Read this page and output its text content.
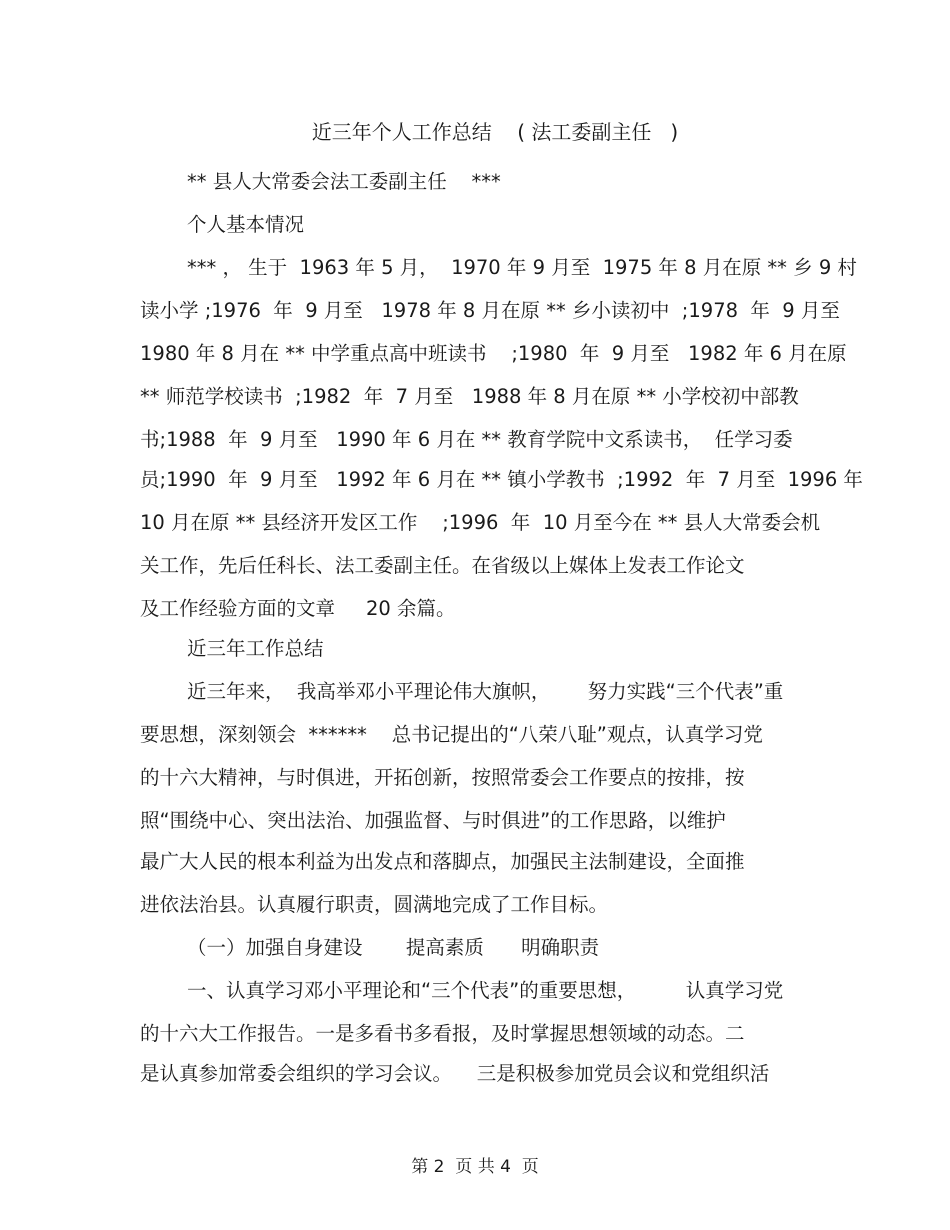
近三年个人工作总结    ( 法工委副主任   )
** 县人大常委会法工委副主任    ***
个人基本情况
*** ， 生于  1963 年 5 月，  1970 年 9 月至  1975 年 8 月在原 ** 乡 9 村
读小学 ;1976  年  9 月至   1978 年 8 月在原 ** 乡小读初中  ;1978  年  9 月至
1980 年 8 月在 ** 中学重点高中班读书    ;1980  年  9 月至   1982 年 6 月在原
** 师范学校读书  ;1982  年  7 月至   1988 年 8 月在原 ** 小学校初中部教
书;1988  年  9 月至   1990 年 6 月在 ** 教育学院中文系读书，  任学习委
员;1990  年  9 月至   1992 年 6 月在 ** 镇小学教书  ;1992  年  7 月至  1996 年
10 月在原 ** 县经济开发区工作    ;1996  年  10 月至今在 ** 县人大常委会机
关工作，先后任科长、法工委副主任。在省级以上媒体上发表工作论文
及工作经验方面的文章     20 余篇。
近三年工作总结
近三年来，  我高举邓小平理论伟大旗帜，      努力实践“三个代表”重
要思想，深刻领会  ******    总书记提出的“八荣八耻”观点，认真学习党
的十六大精神，与时俱进，开拓创新，按照常委会工作要点的按排，按
照“围绕中心、突出法治、加强监督、与时俱进”的工作思路，以维护
最广大人民的根本利益为出发点和落脚点，加强民主法制建设，全面推
进依法治县。认真履行职责，圆满地完成了工作目标。
（一）加强自身建设       提高素质      明确职责
一、认真学习邓小平理论和“三个代表”的重要思想，        认真学习党
的十六大工作报告。一是多看书多看报，及时掌握思想领域的动态。二
是认真参加常委会组织的学习会议。    三是积极参加党员会议和党组织活
第 2  页 共 4  页
